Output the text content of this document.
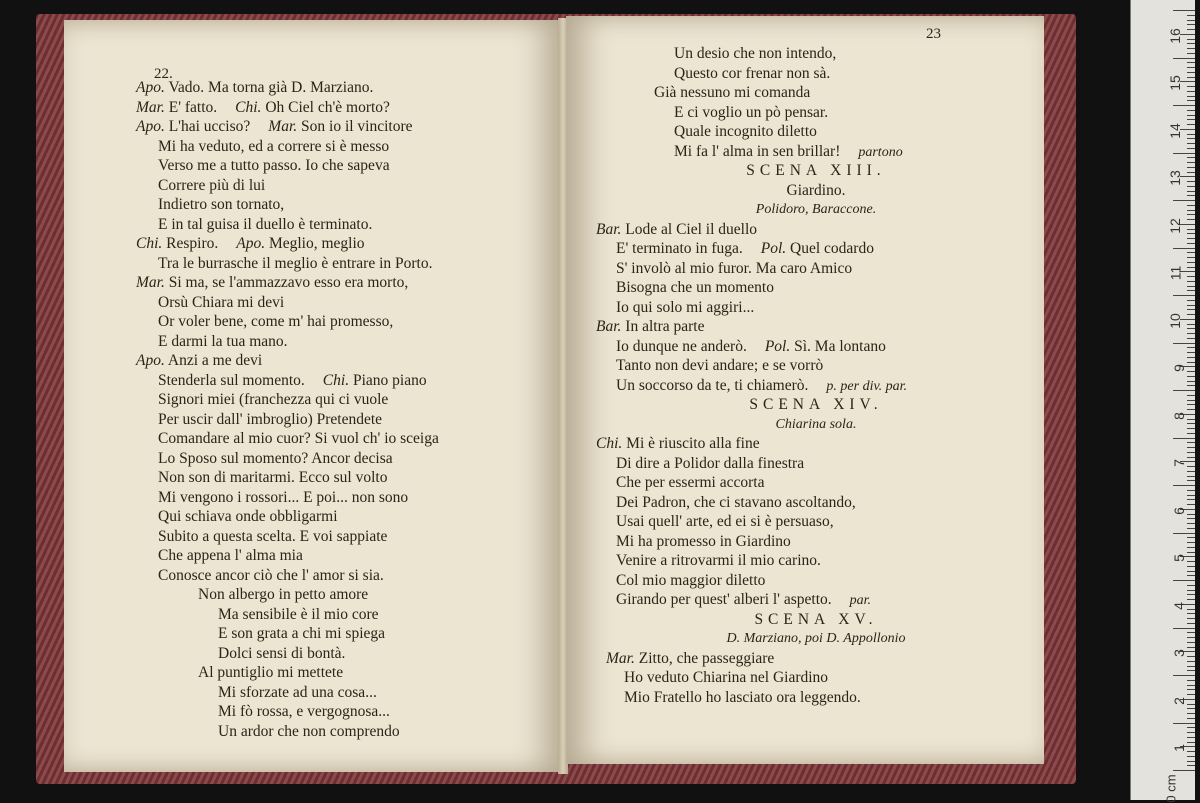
22.
Apo. Vado. Ma torna già D. Marziano.
Mar. E' fatto. Chi. Oh Ciel ch'è morto?
Apo. L'hai ucciso? Mar. Son io il vincitore
Mi ha veduto, ed a correre si è messo
Verso me a tutto passo. Io che sapeva
Correre più di lui
Indietro son tornato,
E in tal guisa il duello è terminato.
Chi. Respiro. Apo. Meglio, meglio
Tra le burrasche il meglio è entrare in Porto.
Mar. Si ma, se l'ammazzavo esso era morto,
Orsù Chiara mi devi
Or voler bene, come m' hai promesso,
E darmi la tua mano.
Apo. Anzi a me devi
Stenderla sul momento. Chi. Piano piano
Signori miei (franchezza qui ci vuole
Per uscir dall' imbroglio) Pretendete
Comandare al mio cuor? Si vuol ch' io sceiga
Lo Sposo sul momento? Ancor decisa
Non son di maritarmi. Ecco sul volto
Mi vengono i rossori... E poi... non sono
Qui schiava onde obbligarmi
Subito a questa scelta. E voi sappiate
Che appena l' alma mia
Conosce ancor ciò che l' amor si sia.
Non albergo in petto amore
Ma sensibile è il mio core
E son grata a chi mi spiega
Dolci sensi di bontà.
Al puntiglio mi mettete
Mi sforzate ad una cosa...
Mi fò rossa, e vergognosa...
Un ardor che non comprendo
23
Un desio che non intendo,
Questo cor frenar non sà.
Già nessuno mi comanda
E ci voglio un pò pensar.
Quale incognito diletto
Mi fa l' alma in sen brillar! partono
SCENA XIII.
Giardino.
Polidoro, Baraccone.
Bar. Lode al Ciel il duello
E' terminato in fuga. Pol. Quel codardo
S' involò al mio furor. Ma caro Amico
Bisogna che un momento
Io qui solo mi aggiri...
Bar. In altra parte
Io dunque ne anderò. Pol. Sì. Ma lontano
Tanto non devi andare; e se vorrò
Un soccorso da te, ti chiamerò. p. per div. par.
SCENA XIV.
Chiarina sola.
Chi. Mi è riuscito alla fine
Di dire a Polidor dalla finestra
Che per essermi accorta
Dei Padron, che ci stavano ascoltando,
Usai quell' arte, ed ei si è persuaso,
Mi ha promesso in Giardino
Venire a ritrovarmi il mio carino.
Col mio maggior diletto
Girando per quest' alberi l' aspetto. par.
SCENA XV.
D. Marziano, poi D. Appollonio
Mar. Zitto, che passeggiare
Ho veduto Chiarina nel Giardino
Mio Fratello ho lasciato ora leggendo.
0 cm
16
15
14
13
12
11
10
9
8
7
6
5
4
3
2
1
